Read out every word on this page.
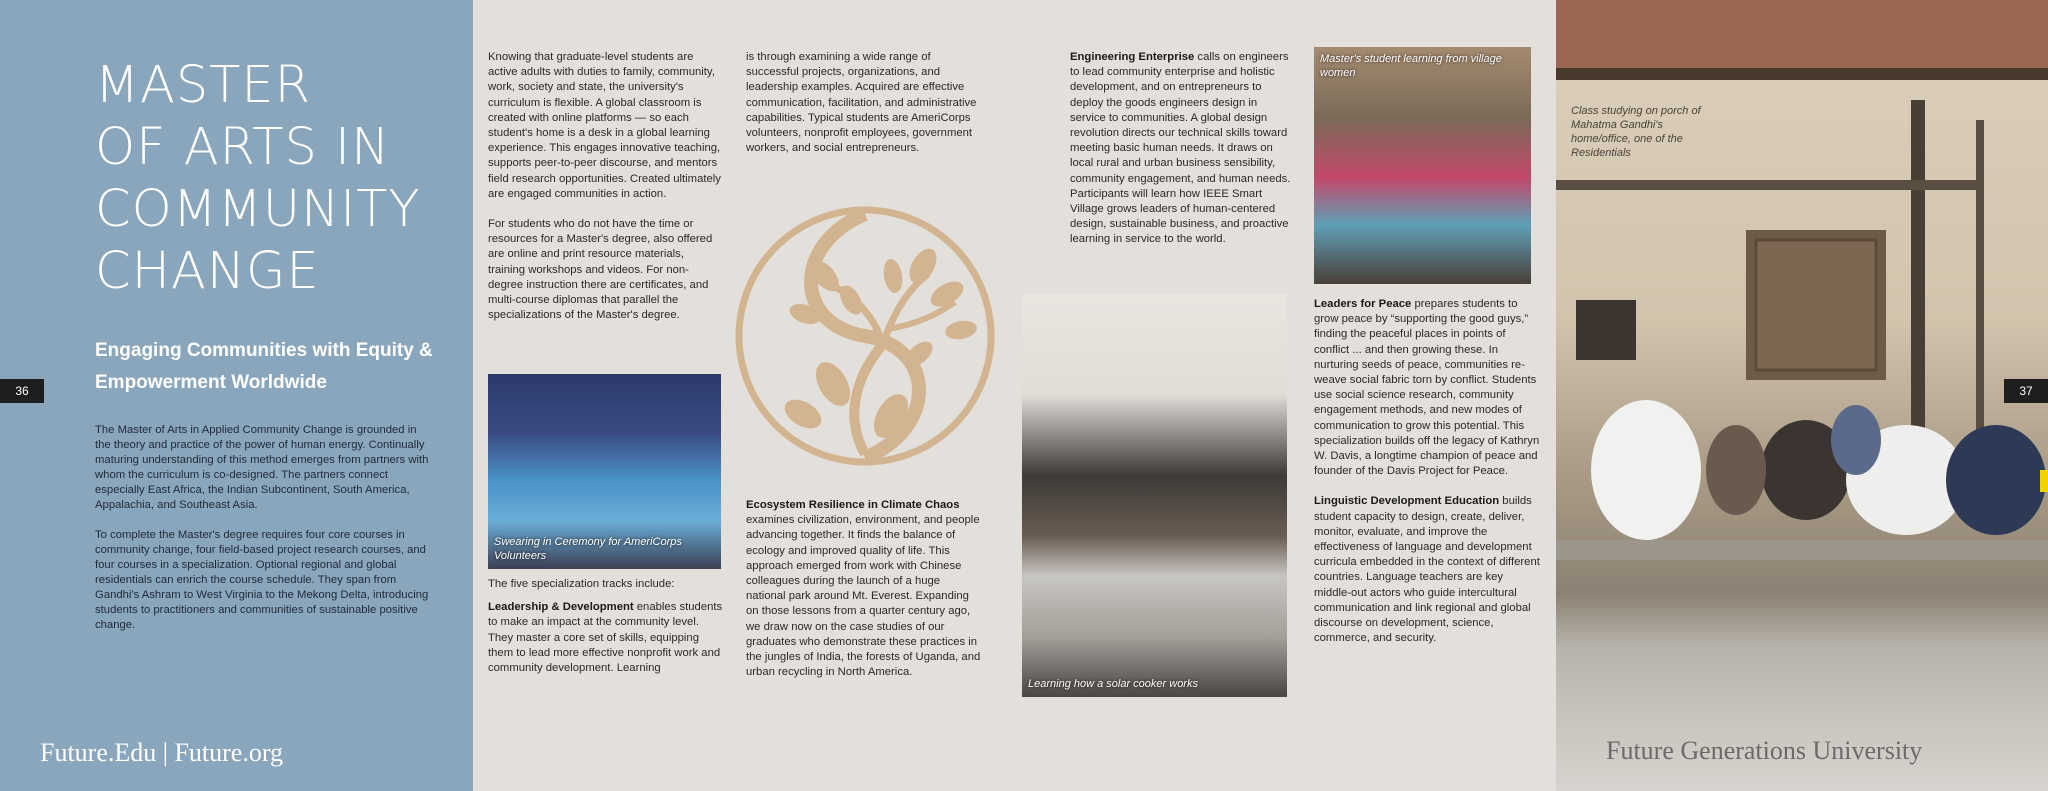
MASTER
OF ARTS IN
COMMUNITY
CHANGE
Engaging Communities with Equity & Empowerment Worldwide

The Master of Arts in Applied Community Change is grounded in the theory and practice of the power of human energy. Continually maturing understanding of this method emerges from partners with whom the curriculum is co-designed. The partners connect especially East Africa, the Indian Subcontinent, South America, Appalachia, and Southeast Asia.

To complete the Master's degree requires four core courses in community change, four field-based project research courses, and four courses in a specialization. Optional regional and global residentials can enrich the course schedule. They span from Gandhi's Ashram to West Virginia to the Mekong Delta, introducing students to practitioners and communities of sustainable positive change.

Future.Edu | Future.org
36

Knowing that graduate-level students are active adults with duties to family, community, work, society and state, the university's curriculum is flexible. A global classroom is created with online platforms — so each student's home is a desk in a global learning experience. This engages innovative teaching, supports peer-to-peer discourse, and mentors field research opportunities. Created ultimately are engaged communities in action.

For students who do not have the time or resources for a Master's degree, also offered are online and print resource materials, training workshops and videos. For non-degree instruction there are certificates, and multi-course diplomas that parallel the specializations of the Master's degree.

Swearing in Ceremony for AmeriCorps Volunteers

The five specialization tracks include:

Leadership & Development enables students to make an impact at the community level. They master a core set of skills, equipping them to lead more effective nonprofit work and community development. Learning

is through examining a wide range of successful projects, organizations, and leadership examples. Acquired are effective communication, facilitation, and administrative capabilities. Typical students are AmeriCorps volunteers, nonprofit employees, government workers, and social entrepreneurs.

Ecosystem Resilience in Climate Chaos examines civilization, environment, and people advancing together. It finds the balance of ecology and improved quality of life. This approach emerged from work with Chinese colleagues during the launch of a huge national park around Mt. Everest. Expanding on those lessons from a quarter century ago, we draw now on the case studies of our graduates who demonstrate these practices in the jungles of India, the forests of Uganda, and urban recycling in North America.

Engineering Enterprise calls on engineers to lead community enterprise and holistic development, and on entrepreneurs to deploy the goods engineers design in service to communities. A global design revolution directs our technical skills toward meeting basic human needs. It draws on local rural and urban business sensibility, community engagement, and human needs. Participants will learn how IEEE Smart Village grows leaders of human-centered design, sustainable business, and proactive learning in service to the world.

Learning how a solar cooker works
Master's student learning from village women

Leaders for Peace prepares students to grow peace by “supporting the good guys,” finding the peaceful places in points of conflict ... and then growing these. In nurturing seeds of peace, communities re-weave social fabric torn by conflict. Students use social science research, community engagement methods, and new modes of communication to grow this potential. This specialization builds off the legacy of Kathryn W. Davis, a longtime champion of peace and founder of the Davis Project for Peace.

Linguistic Development Education builds student capacity to design, create, deliver, monitor, evaluate, and improve the effectiveness of language and development curricula embedded in the context of different countries. Language teachers are key middle-out actors who guide intercultural communication and link regional and global discourse on development, science, commerce, and security.

Class studying on porch of Mahatma Gandhi's home/office, one of the Residentials
Future Generations University
37
